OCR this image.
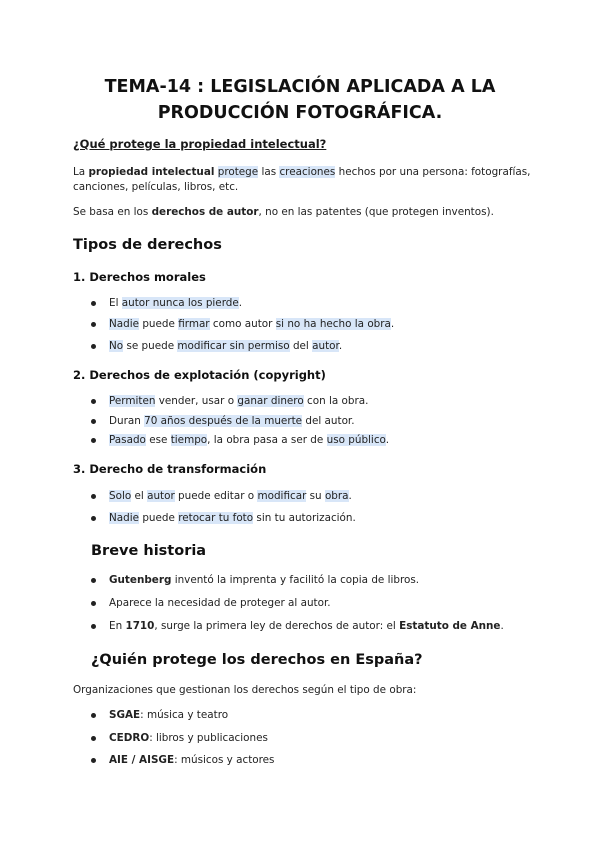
TEMA-14 : LEGISLACIÓN APLICADA A LA
PRODUCCIÓN FOTOGRÁFICA.
¿Qué protege la propiedad intelectual?
La propiedad intelectual protege las creaciones hechos por una persona: fotografías,
canciones, películas, libros, etc.
Se basa en los derechos de autor, no en las patentes (que protegen inventos).
Tipos de derechos
1. Derechos morales
El autor nunca los pierde.
Nadie puede firmar como autor si no ha hecho la obra.
No se puede modificar sin permiso del autor.
2. Derechos de explotación (copyright)
Permiten vender, usar o ganar dinero con la obra.
Duran 70 años después de la muerte del autor.
Pasado ese tiempo, la obra pasa a ser de uso público.
3. Derecho de transformación
Solo el autor puede editar o modificar su obra.
Nadie puede retocar tu foto sin tu autorización.
Breve historia
Gutenberg inventó la imprenta y facilitó la copia de libros.
Aparece la necesidad de proteger al autor.
En 1710, surge la primera ley de derechos de autor: el Estatuto de Anne.
¿Quién protege los derechos en España?
Organizaciones que gestionan los derechos según el tipo de obra:
SGAE: música y teatro
CEDRO: libros y publicaciones
AIE / AISGE: músicos y actores
